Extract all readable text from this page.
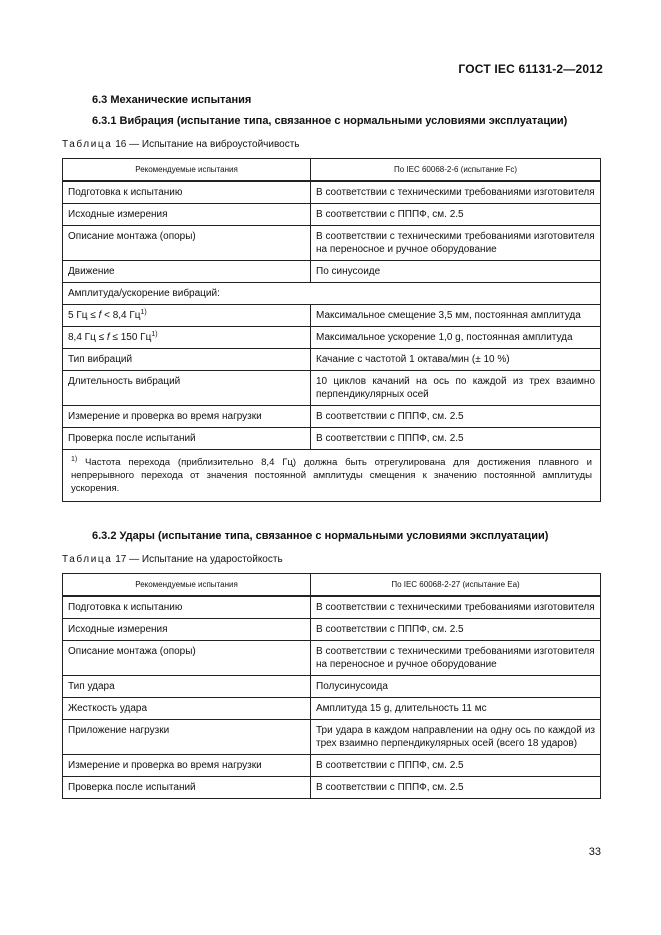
ГОСТ IEC 61131-2—2012
6.3 Механические испытания
6.3.1 Вибрация (испытание типа, связанное с нормальными условиями эксплуатации)
Таблица 16 — Испытание на виброустойчивость
Рекомендуемые испытания	По IEC 60068-2-6 (испытание Fc)
Подготовка к испытанию	В соответствии с техническими требованиями изготовителя
Исходные измерения	В соответствии с ПППФ, см. 2.5
Описание монтажа (опоры)	В соответствии с техническими требованиями изготовителя на переносное и ручное оборудование
Движение	По синусоиде
Амплитуда/ускорение вибраций:	
5 Гц ≤ f < 8,4 $Гц^{1)}$	Максимальное смещение 3,5 мм, постоянная амплитуда
8,4 Гц ≤ f ≤ 150 $Гц^{1)}$	Максимальное ускорение 1,0 g, постоянная амплитуда
Тип вибраций	Качание с частотой 1 октава/мин (± 10 %)
Длительность вибраций	10 циклов качаний на ось по каждой из трех взаимно перпендикулярных осей
Измерение и проверка во время нагрузки	В соответствии с ПППФ, см. 2.5
Проверка после испытаний	В соответствии с ПППФ, см. 2.5
$^{1)}$ Частота перехода (приблизительно 8,4 Гц) должна быть отрегулирована для достижения плавного и непрерывного перехода от значения постоянной амплитуды смещения к значению постоянной амплитуды ускорения.	
6.3.2 Удары (испытание типа, связанное с нормальными условиями эксплуатации)
Таблица 17 — Испытание на ударостойкость
Рекомендуемые испытания	По IEC 60068-2-27 (испытание Ea)
Подготовка к испытанию	В соответствии с техническими требованиями изготовителя
Исходные измерения	В соответствии с ПППФ, см. 2.5
Описание монтажа (опоры)	В соответствии с техническими требованиями изготовителя на переносное и ручное оборудование
Тип удара	Полусинусоида
Жесткость удара	Амплитуда 15 g, длительность 11 мс
Приложение нагрузки	Три удара в каждом направлении на одну ось по каждой из трех взаимно перпендикулярных осей (всего 18 ударов)
Измерение и проверка во время нагрузки	В соответствии с ПППФ, см. 2.5
Проверка после испытаний	В соответствии с ПППФ, см. 2.5
33
